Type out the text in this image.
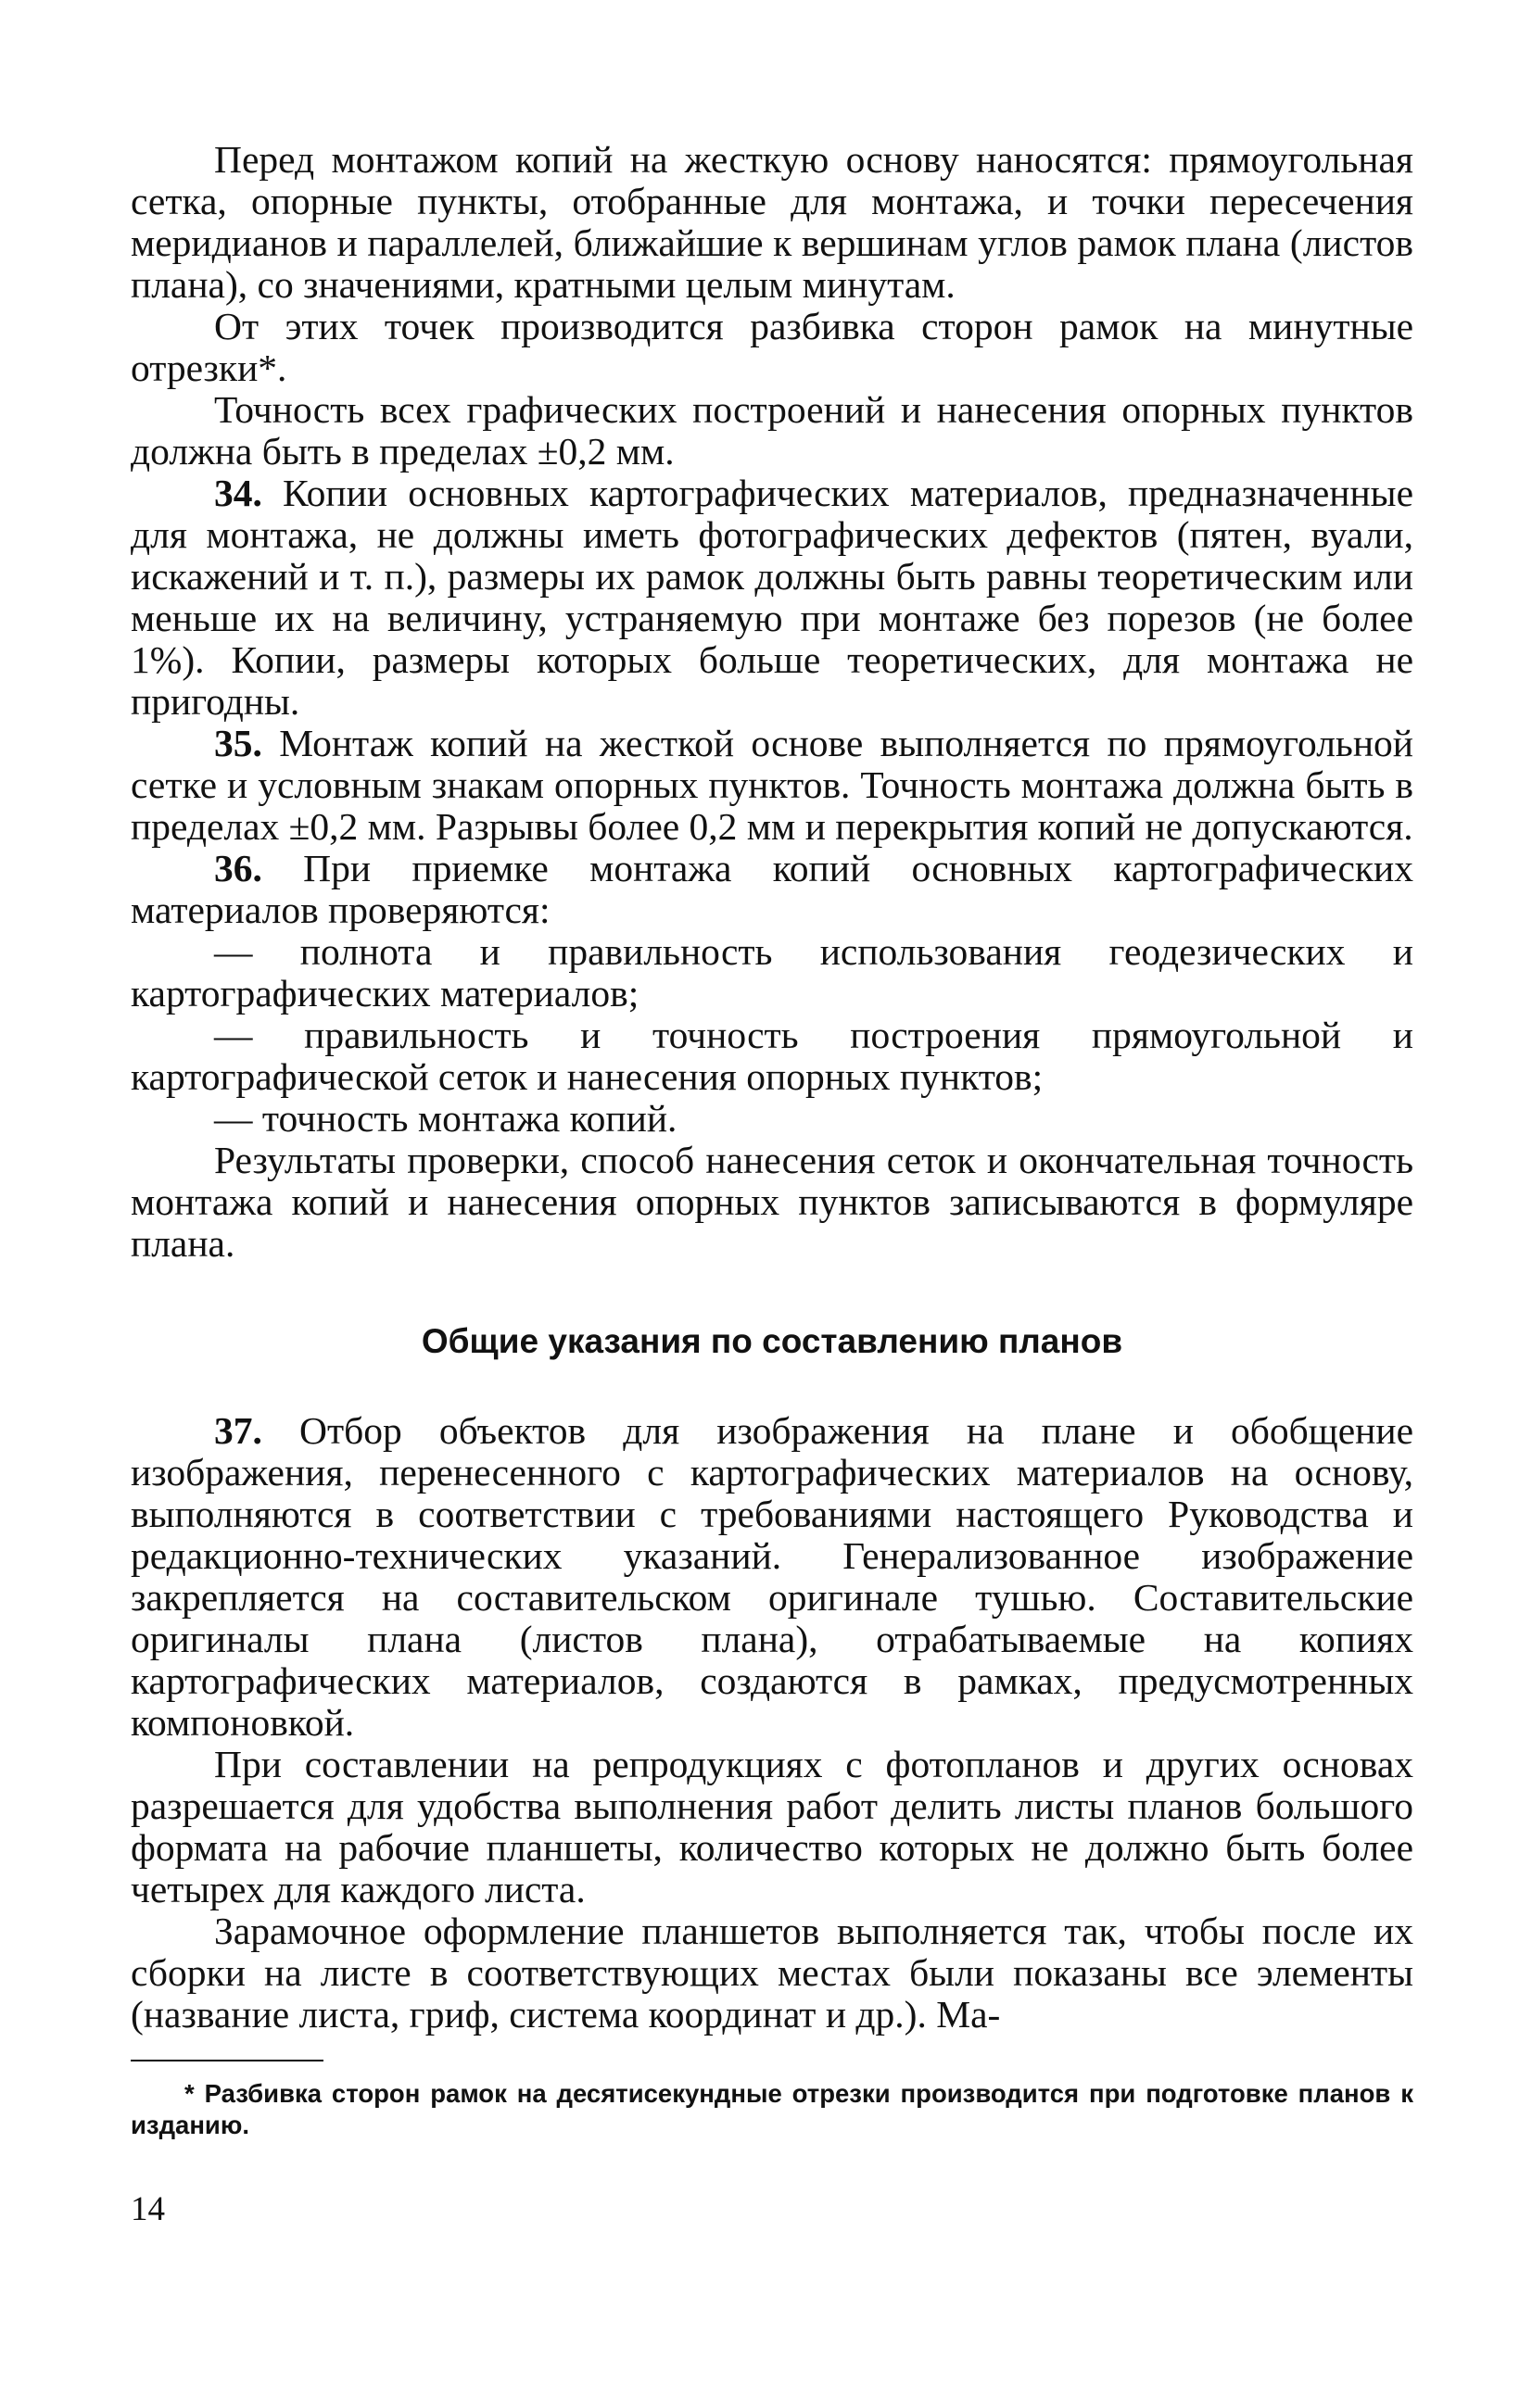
Перед монтажом копий на жесткую основу наносятся: прямоугольная сетка, опорные пункты, отобранные для монтажа, и точки пересечения меридианов и параллелей, ближайшие к вершинам углов рамок плана (листов плана), со значениями, кратными целым минутам.

От этих точек производится разбивка сторон рамок на минутные отрезки*.

Точность всех графических построений и нанесения опорных пунктов должна быть в пределах ±0,2 мм.

34. Копии основных картографических материалов, предназначенные для монтажа, не должны иметь фотографических дефектов (пятен, вуали, искажений и т. п.), размеры их рамок должны быть равны теоретическим или меньше их на величину, устраняемую при монтаже без порезов (не более 1%). Копии, размеры которых больше теоретических, для монтажа не пригодны.

35. Монтаж копий на жесткой основе выполняется по прямоугольной сетке и условным знакам опорных пунктов. Точность монтажа должна быть в пределах ±0,2 мм. Разрывы более 0,2 мм и перекрытия копий не допускаются.

36. При приемке монтажа копий основных картографических материалов проверяются:

— полнота и правильность использования геодезических и картографических материалов;

— правильность и точность построения прямоугольной и картографической сеток и нанесения опорных пунктов;

— точность монтажа копий.

Результаты проверки, способ нанесения сеток и окончательная точность монтажа копий и нанесения опорных пунктов записываются в формуляре плана.

Общие указания по составлению планов

37. Отбор объектов для изображения на плане и обобщение изображения, перенесенного с картографических материалов на основу, выполняются в соответствии с требованиями настоящего Руководства и редакционно-технических указаний. Генерализованное изображение закрепляется на составительском оригинале тушью. Составительские оригиналы плана (листов плана), отрабатываемые на копиях картографических материалов, создаются в рамках, предусмотренных компоновкой.

При составлении на репродукциях с фотопланов и других основах разрешается для удобства выполнения работ делить листы планов большого формата на рабочие планшеты, количество которых не должно быть более четырех для каждого листа.

Зарамочное оформление планшетов выполняется так, чтобы после их сборки на листе в соответствующих местах были показаны все элементы (название листа, гриф, система координат и др.). Ма-

* Разбивка сторон рамок на десятисекундные отрезки производится при подготовке планов к изданию.
14
